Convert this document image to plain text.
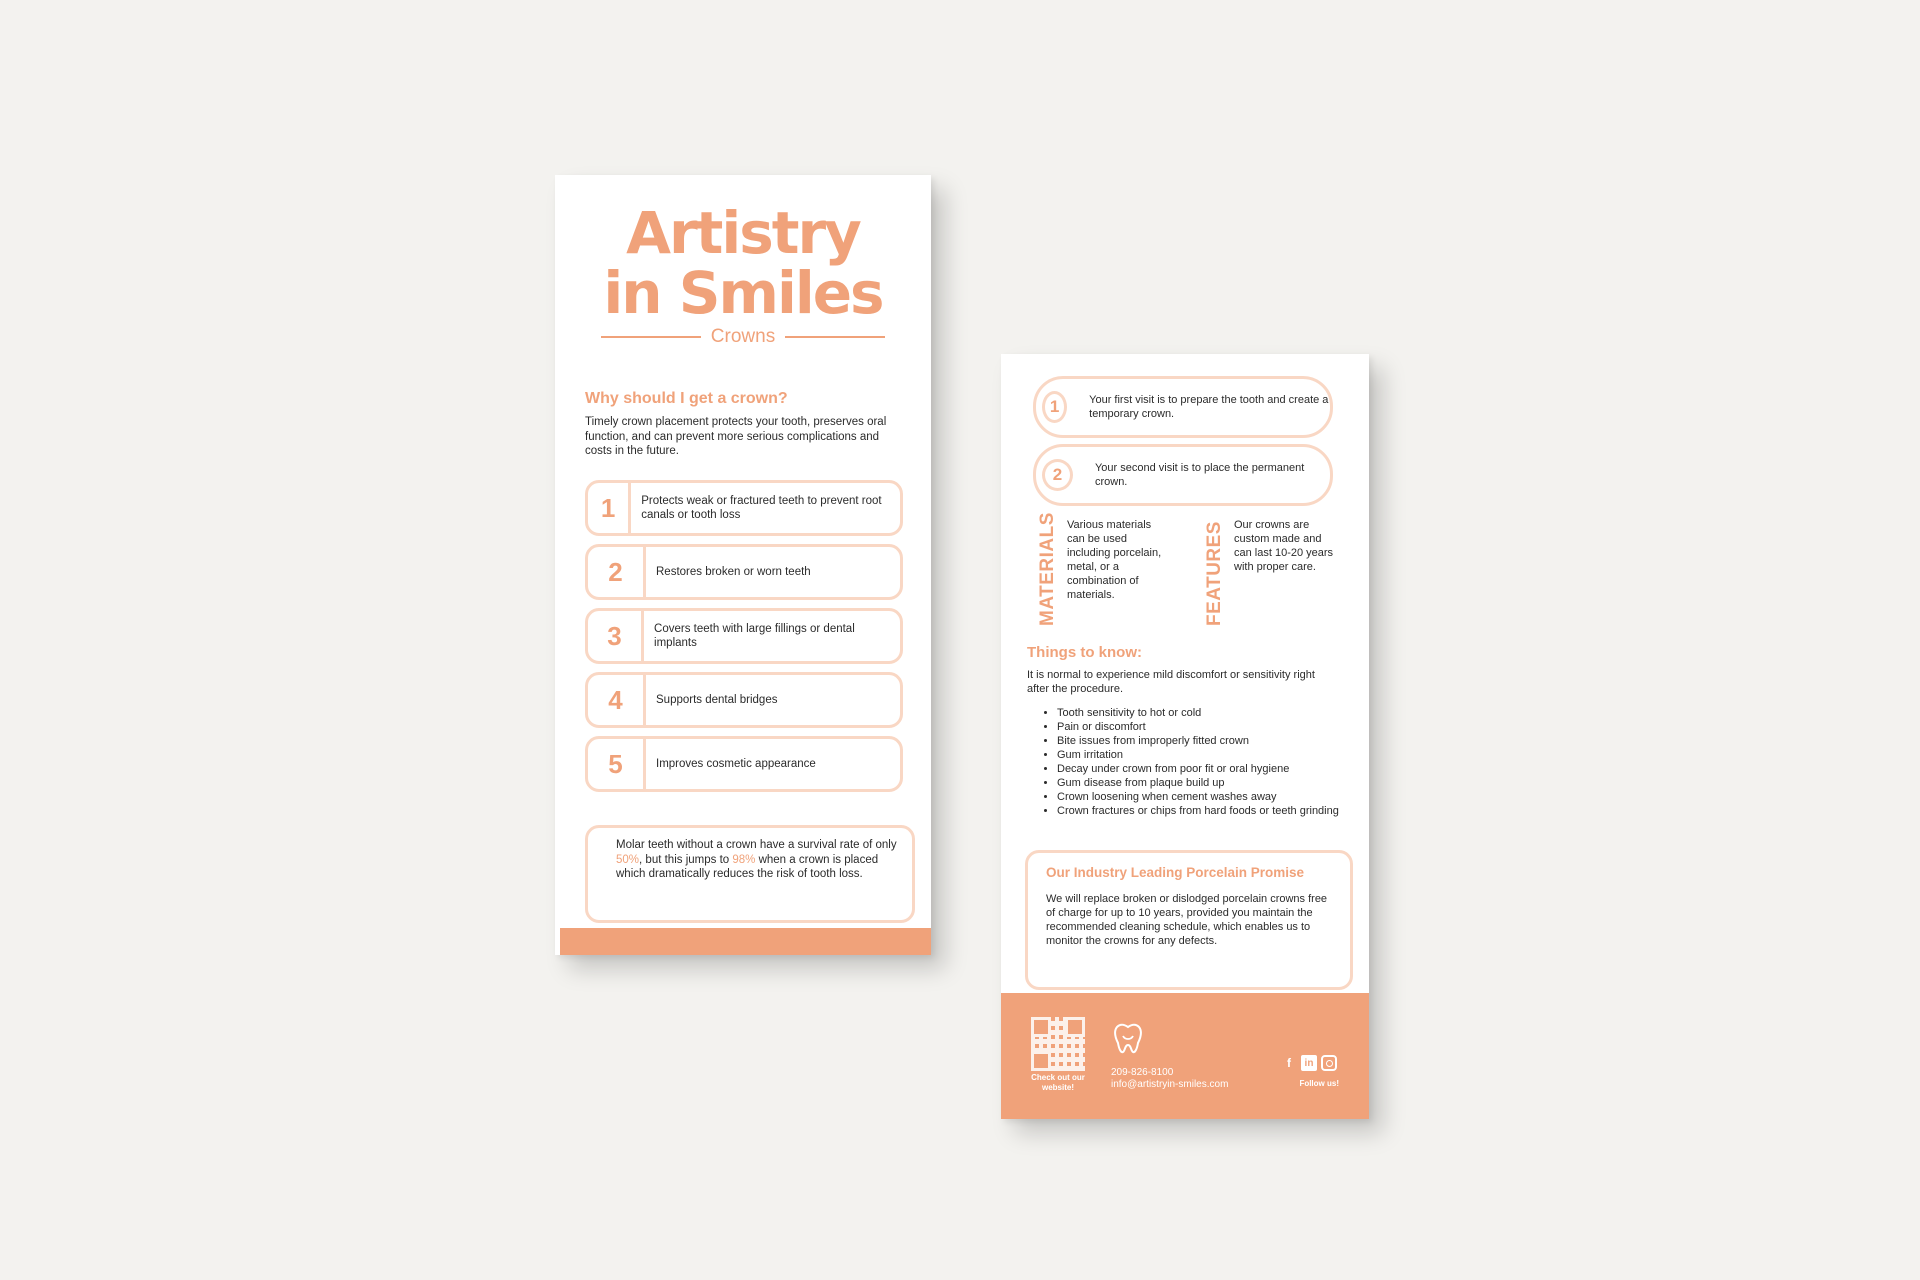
Artistry
in Smiles
Crowns
Why should I get a crown?
Timely crown placement protects your tooth, preserves oral function, and can prevent more serious complications and costs in the future.
1	Protects weak or fractured teeth to prevent root canals or tooth loss
2	Restores broken or worn teeth
3	Covers teeth with large fillings or dental implants
4	Supports dental bridges
5	Improves cosmetic appearance
Molar teeth without a crown have a survival rate of only 50%, but this jumps to 98% when a crown is placed which dramatically reduces the risk of tooth loss.
1	Your first visit is to prepare the tooth and create a temporary crown.
2	Your second visit is to place the permanent crown.
MATERIALS Various materials can be used including porcelain, metal, or a combination of materials.	FEATURES Our crowns are custom made and can last 10-20 years with proper care.
Things to know:
It is normal to experience mild discomfort or sensitivity right after the procedure.
• Tooth sensitivity to hot or cold
• Pain or discomfort
• Bite issues from improperly fitted crown
• Gum irritation
• Decay under crown from poor fit or oral hygiene
• Gum disease from plaque build up
• Crown loosening when cement washes away
• Crown fractures or chips from hard foods or teeth grinding
Our Industry Leading Porcelain Promise
We will replace broken or dislodged porcelain crowns free of charge for up to 10 years, provided you maintain the recommended cleaning schedule, which enables us to monitor the crowns for any defects.
Check out our website!
209-826-8100
info@artistryin-smiles.com
f	in
Follow us!
